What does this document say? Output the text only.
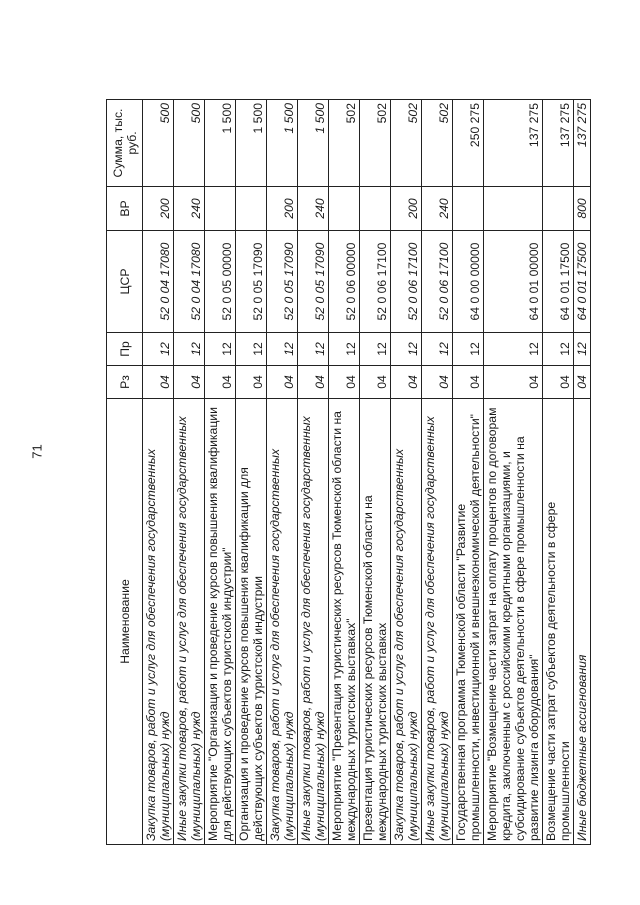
71
Наименование	Рз	Пр	ЦСР	ВР	Сумма, тыс. руб.
Закупка товаров, работ и услуг для обеспечения государственных (муниципальных) нужд	04	12	52 0 04 17080	200	500
Иные закупки товаров, работ и услуг для обеспечения государственных (муниципальных) нужд	04	12	52 0 04 17080	240	500
Мероприятие "Организация и проведение курсов повышения квалификации для действующих субъектов туристской индустрии"	04	12	52 0 05 00000		1 500
Организация и проведение курсов повышения квалификации для действующих субъектов туристской индустрии	04	12	52 0 05 17090		1 500
Закупка товаров, работ и услуг для обеспечения государственных (муниципальных) нужд	04	12	52 0 05 17090	200	1 500
Иные закупки товаров, работ и услуг для обеспечения государственных (муниципальных) нужд	04	12	52 0 05 17090	240	1 500
Мероприятие "Презентация туристических ресурсов Тюменской области на международных туристских выставках"	04	12	52 0 06 00000		502
Презентация туристических ресурсов Тюменской области на международных туристских выставках	04	12	52 0 06 17100		502
Закупка товаров, работ и услуг для обеспечения государственных (муниципальных) нужд	04	12	52 0 06 17100	200	502
Иные закупки товаров, работ и услуг для обеспечения государственных (муниципальных) нужд	04	12	52 0 06 17100	240	502
Государственная программа Тюменской области "Развитие промышленности, инвестиционной и внешнеэкономической деятельности"	04	12	64 0 00 00000		250 275
Мероприятие "Возмещение части затрат на оплату процентов по договорам кредита, заключенным с российскими кредитными организациями, и субсидирование субъектов деятельности в сфере промышленности на развитие лизинга оборудования"	04	12	64 0 01 00000		137 275
Возмещение части затрат субъектов деятельности в сфере промышленности	04	12	64 0 01 17500		137 275
Иные бюджетные ассигнования	04	12	64 0 01 17500	800	137 275
